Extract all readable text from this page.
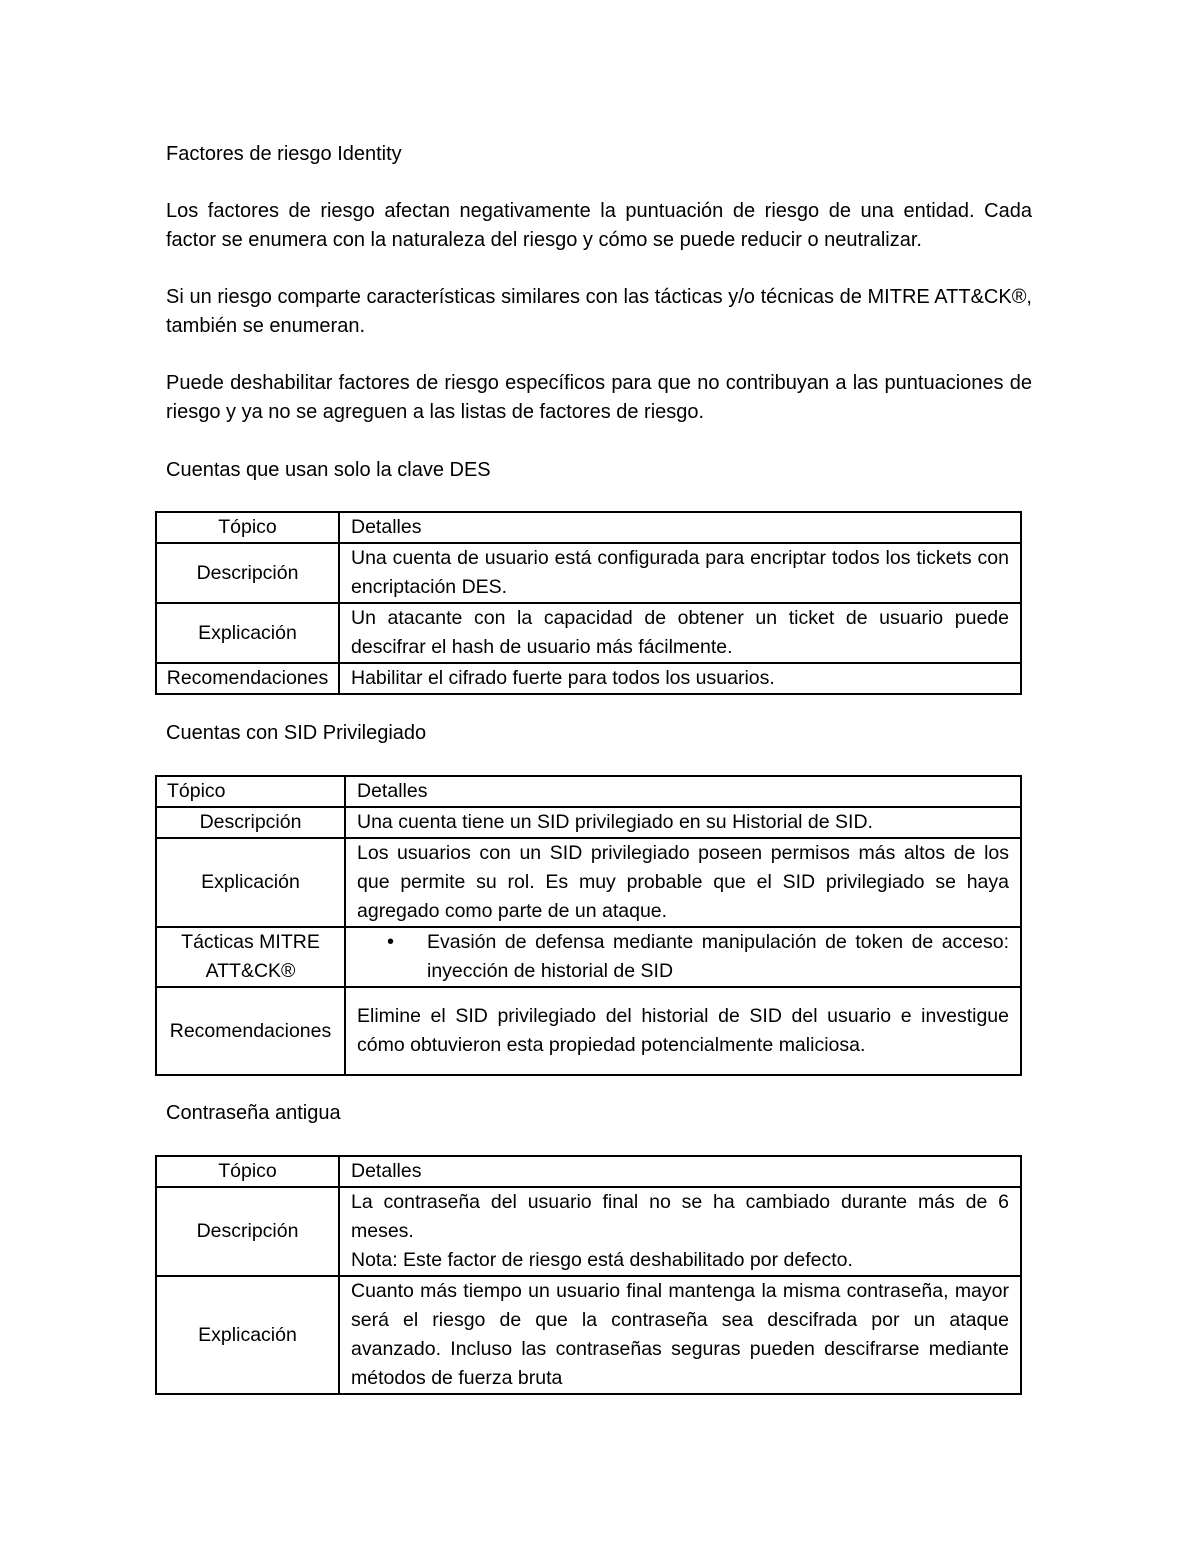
Factores de riesgo Identity
Los factores de riesgo afectan negativamente la puntuación de riesgo de una entidad. Cada factor se enumera con la naturaleza del riesgo y cómo se puede reducir o neutralizar.
Si un riesgo comparte características similares con las tácticas y/o técnicas de MITRE ATT&CK®, también se enumeran.
Puede deshabilitar factores de riesgo específicos para que no contribuyan a las puntuaciones de riesgo y ya no se agreguen a las listas de factores de riesgo.
Cuentas que usan solo la clave DES
Tópico	Detalles
Descripción	Una cuenta de usuario está configurada para encriptar todos los tickets con encriptación DES.
Explicación	Un atacante con la capacidad de obtener un ticket de usuario puede descifrar el hash de usuario más fácilmente.
Recomendaciones	Habilitar el cifrado fuerte para todos los usuarios.
Cuentas con SID Privilegiado
Tópico	Detalles
Descripción	Una cuenta tiene un SID privilegiado en su Historial de SID.
Explicación	Los usuarios con un SID privilegiado poseen permisos más altos de los que permite su rol. Es muy probable que el SID privilegiado se haya agregado como parte de un ataque.

Tácticas MITRE
ATT&CK®	• Evasión de defensa mediante manipulación de token de acceso: inyección de historial de SID

Recomendaciones	Elimine el SID privilegiado del historial de SID del usuario e investigue cómo obtuvieron esta propiedad potencialmente maliciosa.
Contraseña antigua
Tópico	Detalles
Descripción	La contraseña del usuario final no se ha cambiado durante más de 6 meses.
Nota: Este factor de riesgo está deshabilitado por defecto.

Explicación	Cuanto más tiempo un usuario final mantenga la misma contraseña, mayor será el riesgo de que la contraseña sea descifrada por un ataque avanzado. Incluso las contraseñas seguras pueden descifrarse mediante métodos de fuerza bruta
